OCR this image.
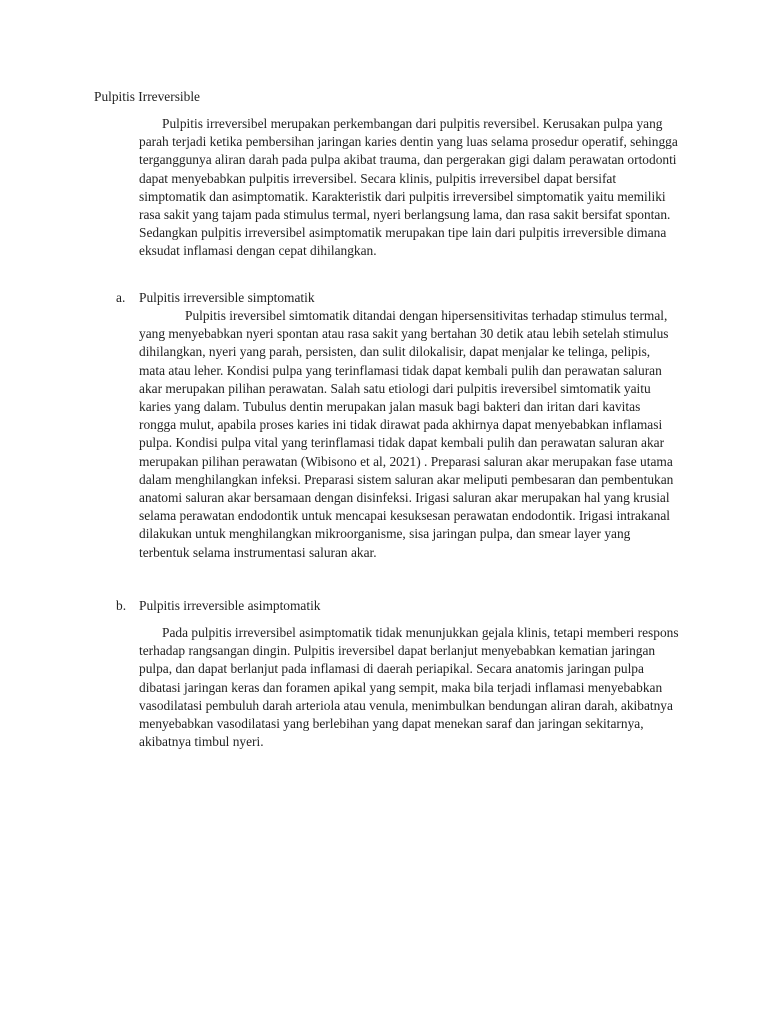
Pulpitis Irreversible

Pulpitis irreversibel merupakan perkembangan dari pulpitis reversibel. Kerusakan pulpa yang parah terjadi ketika pembersihan jaringan karies dentin yang luas selama prosedur operatif, sehingga terganggunya aliran darah pada pulpa akibat trauma, dan pergerakan gigi dalam perawatan ortodonti dapat menyebabkan pulpitis irreversibel. Secara klinis, pulpitis irreversibel dapat bersifat simptomatik dan asimptomatik. Karakteristik dari pulpitis irreversibel simptomatik yaitu memiliki rasa sakit yang tajam pada stimulus termal, nyeri berlangsung lama, dan rasa sakit bersifat spontan. Sedangkan pulpitis irreversibel asimptomatik merupakan tipe lain dari pulpitis irreversible dimana eksudat inflamasi dengan cepat dihilangkan.

a. Pulpitis irreversible simptomatik

Pulpitis ireversibel simtomatik ditandai dengan hipersensitivitas terhadap stimulus termal, yang menyebabkan nyeri spontan atau rasa sakit yang bertahan 30 detik atau lebih setelah stimulus dihilangkan, nyeri yang parah, persisten, dan sulit dilokalisir, dapat menjalar ke telinga, pelipis, mata atau leher. Kondisi pulpa yang terinflamasi tidak dapat kembali pulih dan perawatan saluran akar merupakan pilihan perawatan. Salah satu etiologi dari pulpitis ireversibel simtomatik yaitu karies yang dalam. Tubulus dentin merupakan jalan masuk bagi bakteri dan iritan dari kavitas rongga mulut, apabila proses karies ini tidak dirawat pada akhirnya dapat menyebabkan inflamasi pulpa. Kondisi pulpa vital yang terinflamasi tidak dapat kembali pulih dan perawatan saluran akar merupakan pilihan perawatan (Wibisono et al, 2021) . Preparasi saluran akar merupakan fase utama dalam menghilangkan infeksi. Preparasi sistem saluran akar meliputi pembesaran dan pembentukan anatomi saluran akar bersamaan dengan disinfeksi. Irigasi saluran akar merupakan hal yang krusial selama perawatan endodontik untuk mencapai kesuksesan perawatan endodontik. Irigasi intrakanal dilakukan untuk menghilangkan mikroorganisme, sisa jaringan pulpa, dan smear layer yang terbentuk selama instrumentasi saluran akar.

b. Pulpitis irreversible asimptomatik

Pada pulpitis irreversibel asimptomatik tidak menunjukkan gejala klinis, tetapi memberi respons terhadap rangsangan dingin. Pulpitis ireversibel dapat berlanjut menyebabkan kematian jaringan pulpa, dan dapat berlanjut pada inflamasi di daerah periapikal. Secara anatomis jaringan pulpa dibatasi jaringan keras dan foramen apikal yang sempit, maka bila terjadi inflamasi menyebabkan vasodilatasi pembuluh darah arteriola atau venula, menimbulkan bendungan aliran darah, akibatnya menyebabkan vasodilatasi yang berlebihan yang dapat menekan saraf dan jaringan sekitarnya, akibatnya timbul nyeri.
